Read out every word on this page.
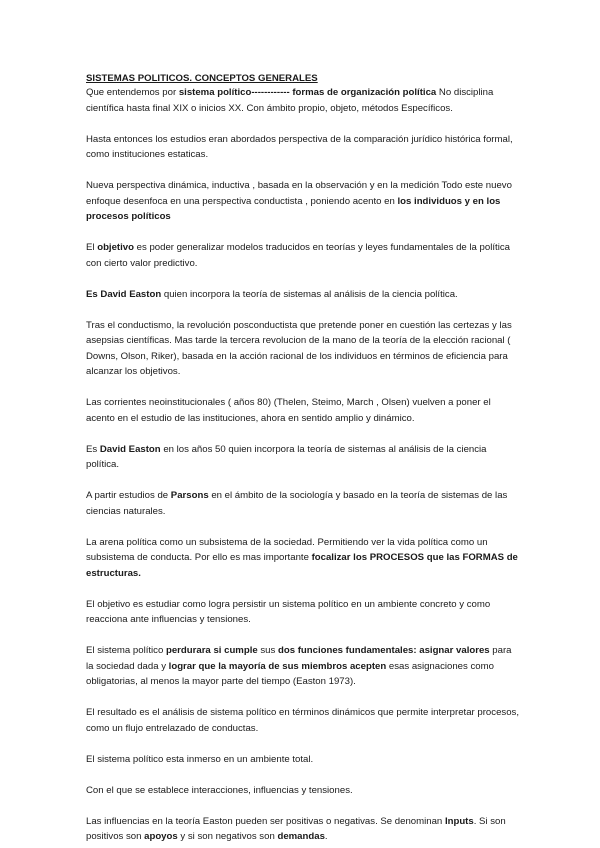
SISTEMAS POLITICOS. CONCEPTOS GENERALES

Que entendemos por sistema político------------ formas de organización política No disciplina científica hasta final XIX o inicios XX. Con ámbito propio, objeto, métodos Específicos.

Hasta entonces los estudios eran abordados perspectiva de la comparación jurídico histórica formal, como instituciones estaticas.

Nueva perspectiva dinámica, inductiva , basada en la observación y en la medición Todo este nuevo enfoque desenfoca en una perspectiva conductista , poniendo acento en los individuos y en los procesos políticos

El objetivo es poder generalizar modelos traducidos en teorías y leyes fundamentales de la política con cierto valor predictivo.

Es David Easton quien incorpora la teoría de sistemas al análisis de la ciencia política.

Tras el conductismo, la revolución posconductista que pretende poner en cuestión las certezas y las asepsias científicas. Mas tarde la tercera revolucion de la mano de la teoría de la elección racional ( Downs, Olson, Riker), basada en la acción racional de los individuos en términos de eficiencia para alcanzar los objetivos.

Las corrientes neoinstitucionales ( años 80) (Thelen, Steimo, March , Olsen) vuelven a poner el acento en el estudio de las instituciones, ahora en sentido amplio y dinámico.

Es David Easton en los años 50 quien incorpora la teoría de sistemas al análisis de la ciencia política.

A partir estudios de Parsons en el ámbito de la sociología y basado en la teoría de sistemas de las ciencias naturales.

La arena política como un subsistema de la sociedad. Permitiendo ver la vida política como un subsistema de conducta. Por ello es mas importante focalizar los PROCESOS que las FORMAS de estructuras.

El objetivo es estudiar como logra persistir un sistema político en un ambiente concreto y como reacciona ante influencias y tensiones.

El sistema político perdurara si cumple sus dos funciones fundamentales: asignar valores para la sociedad dada y lograr que la mayoría de sus miembros acepten esas asignaciones como obligatorias, al menos la mayor parte del tiempo (Easton 1973).

El resultado es el análisis de sistema político en términos dinámicos que permite interpretar procesos, como un flujo entrelazado de conductas.

El sistema político esta inmerso en un ambiente total.

Con el que se establece interacciones, influencias y tensiones.

Las influencias en la teoría Easton pueden ser positivas o negativas. Se denominan Inputs. Si son positivos son apoyos y si son negativos son demandas.
